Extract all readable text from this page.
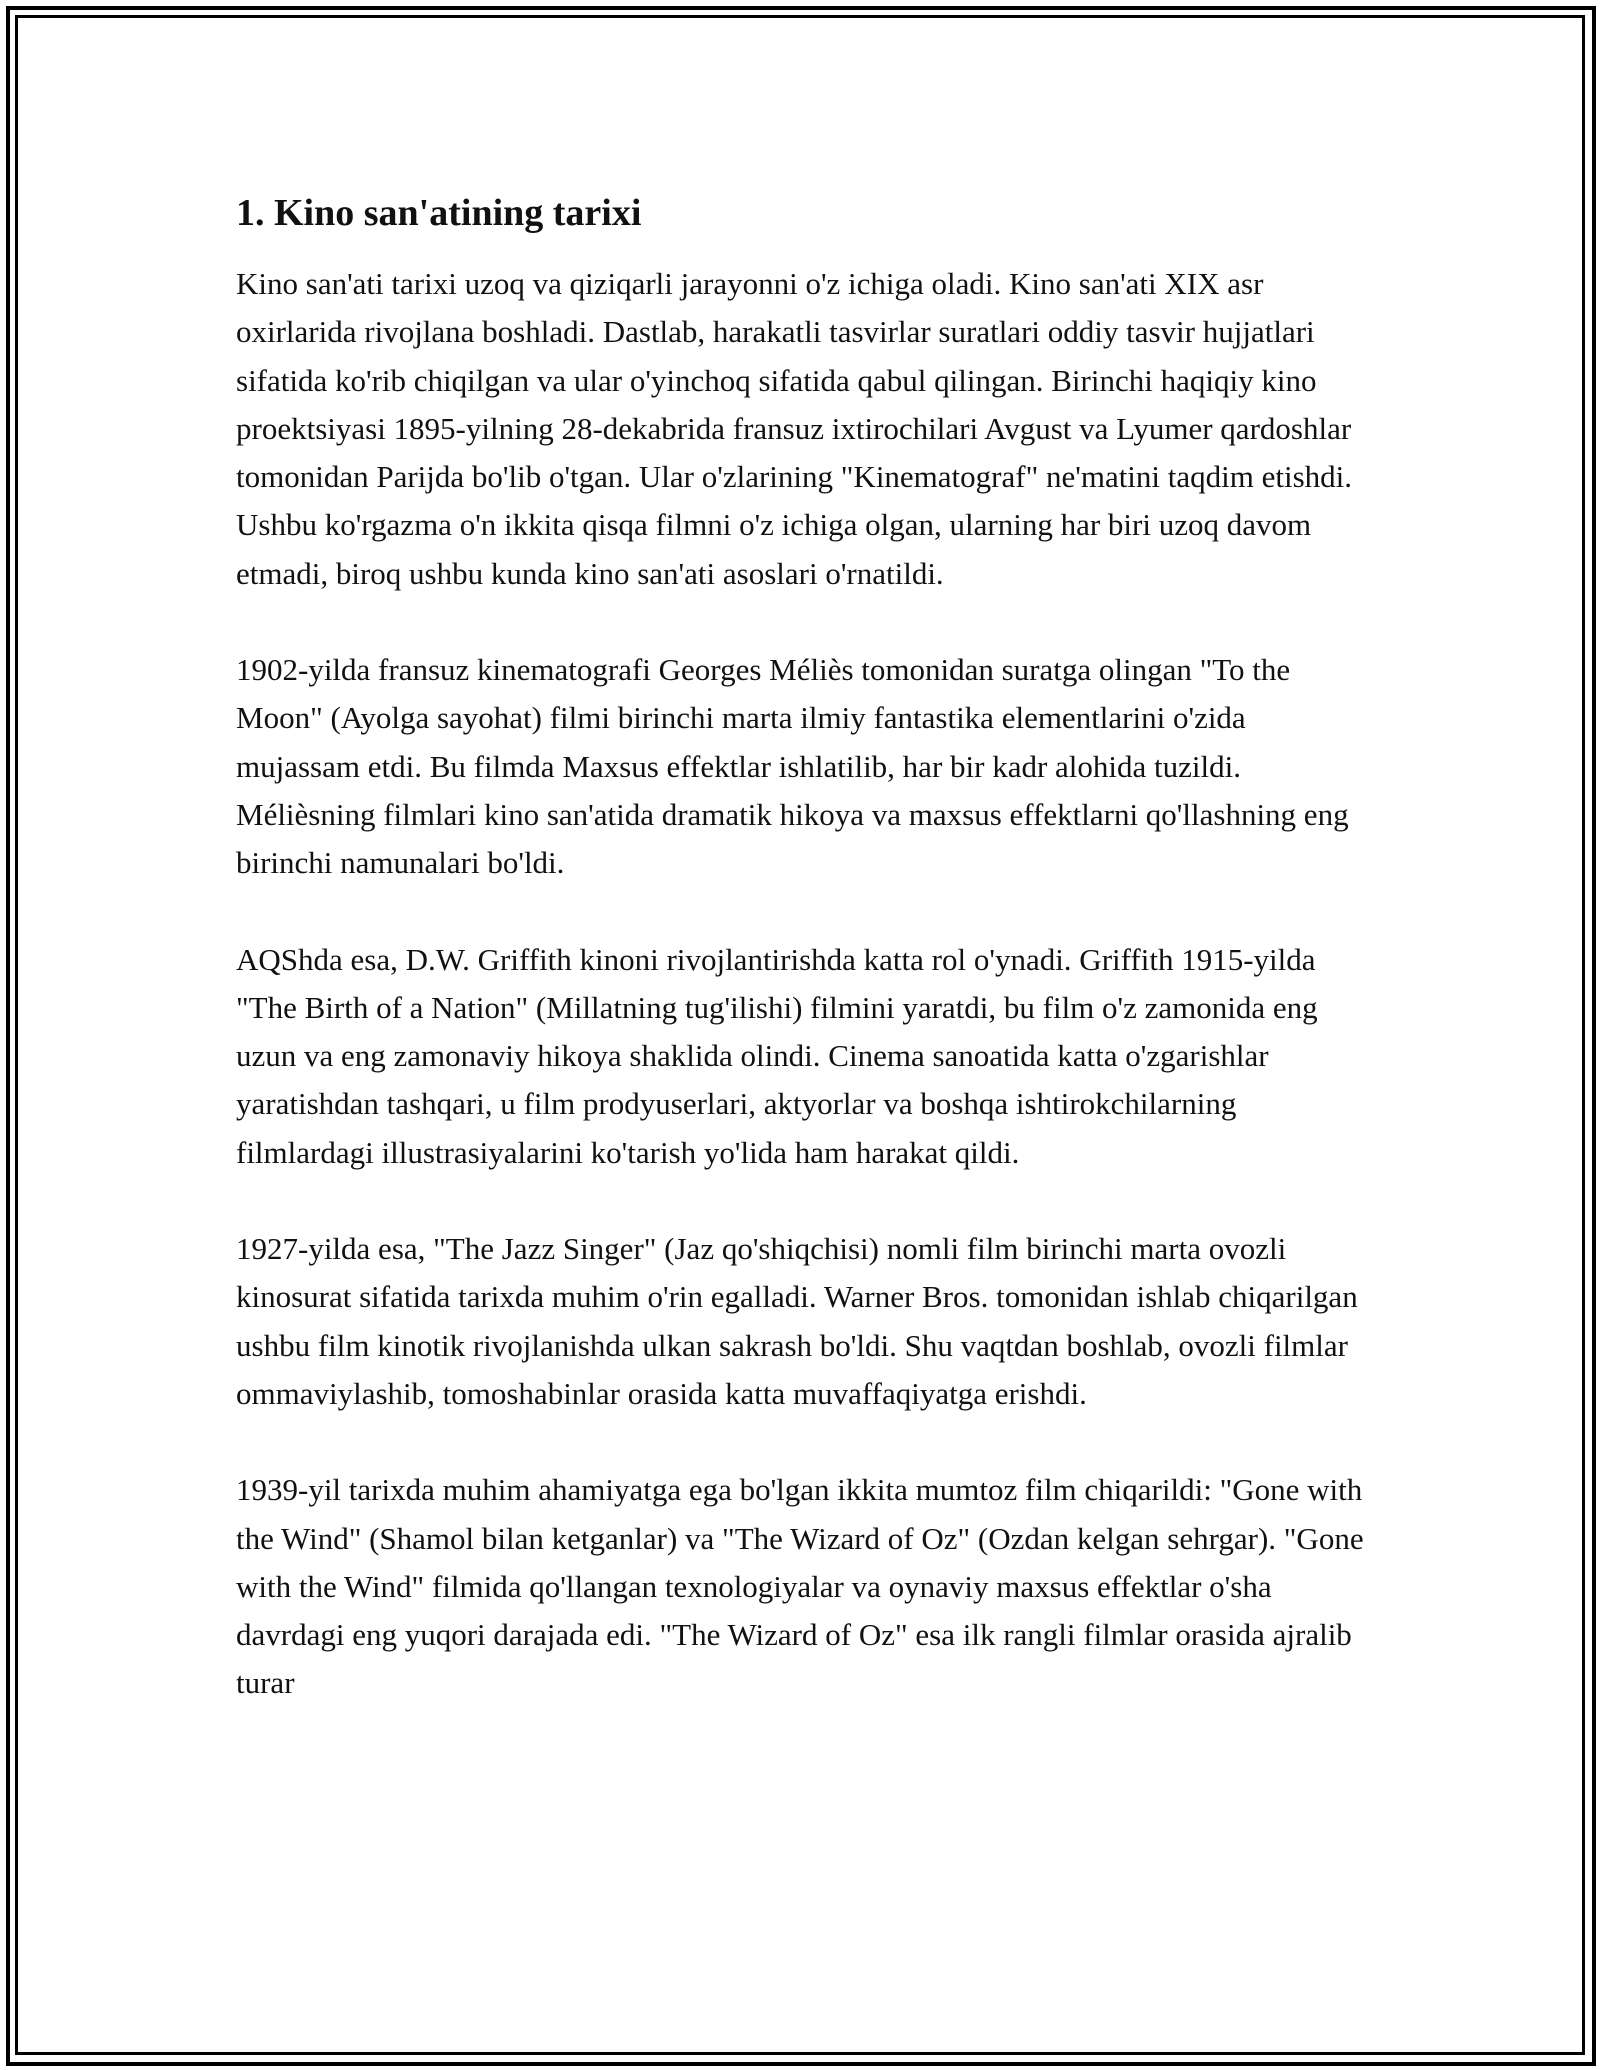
1. Kino san'atining tarixi

Kino san'ati tarixi uzoq va qiziqarli jarayonni o'z ichiga oladi. Kino san'ati XIX asr oxirlarida rivojlana boshladi. Dastlab, harakatli tasvirlar suratlari oddiy tasvir hujjatlari sifatida ko'rib chiqilgan va ular o'yinchoq sifatida qabul qilingan. Birinchi haqiqiy kino proektsiyasi 1895-yilning 28-dekabrida fransuz ixtirochilari Avgust va Lyumer qardoshlar tomonidan Parijda bo'lib o'tgan. Ular o'zlarining "Kinematograf" ne'matini taqdim etishdi. Ushbu ko'rgazma o'n ikkita qisqa filmni o'z ichiga olgan, ularning har biri uzoq davom etmadi, biroq ushbu kunda kino san'ati asoslari o'rnatildi.

1902-yilda fransuz kinematografi Georges Méliès tomonidan suratga olingan "To the Moon" (Ayolga sayohat) filmi birinchi marta ilmiy fantastika elementlarini o'zida mujassam etdi. Bu filmda Maxsus effektlar ishlatilib, har bir kadr alohida tuzildi. Mélièsning filmlari kino san'atida dramatik hikoya va maxsus effektlarni qo'llashning eng birinchi namunalari bo'ldi.

AQShda esa, D.W. Griffith kinoni rivojlantirishda katta rol o'ynadi. Griffith 1915-yilda "The Birth of a Nation" (Millatning tug'ilishi) filmini yaratdi, bu film o'z zamonida eng uzun va eng zamonaviy hikoya shaklida olindi. Cinema sanoatida katta o'zgarishlar yaratishdan tashqari, u film prodyuserlari, aktyorlar va boshqa ishtirokchilarning filmlardagi illustrasiyalarini ko'tarish yo'lida ham harakat qildi.

1927-yilda esa, "The Jazz Singer" (Jaz qo'shiqchisi) nomli film birinchi marta ovozli kinosurat sifatida tarixda muhim o'rin egalladi. Warner Bros. tomonidan ishlab chiqarilgan ushbu film kinotik rivojlanishda ulkan sakrash bo'ldi. Shu vaqtdan boshlab, ovozli filmlar ommaviylashib, tomoshabinlar orasida katta muvaffaqiyatga erishdi.

1939-yil tarixda muhim ahamiyatga ega bo'lgan ikkita mumtoz film chiqarildi: "Gone with the Wind" (Shamol bilan ketganlar) va "The Wizard of Oz" (Ozdan kelgan sehrgar). "Gone with the Wind" filmida qo'llangan texnologiyalar va oynaviy maxsus effektlar o'sha davrdagi eng yuqori darajada edi. "The Wizard of Oz" esa ilk rangli filmlar orasida ajralib turar
